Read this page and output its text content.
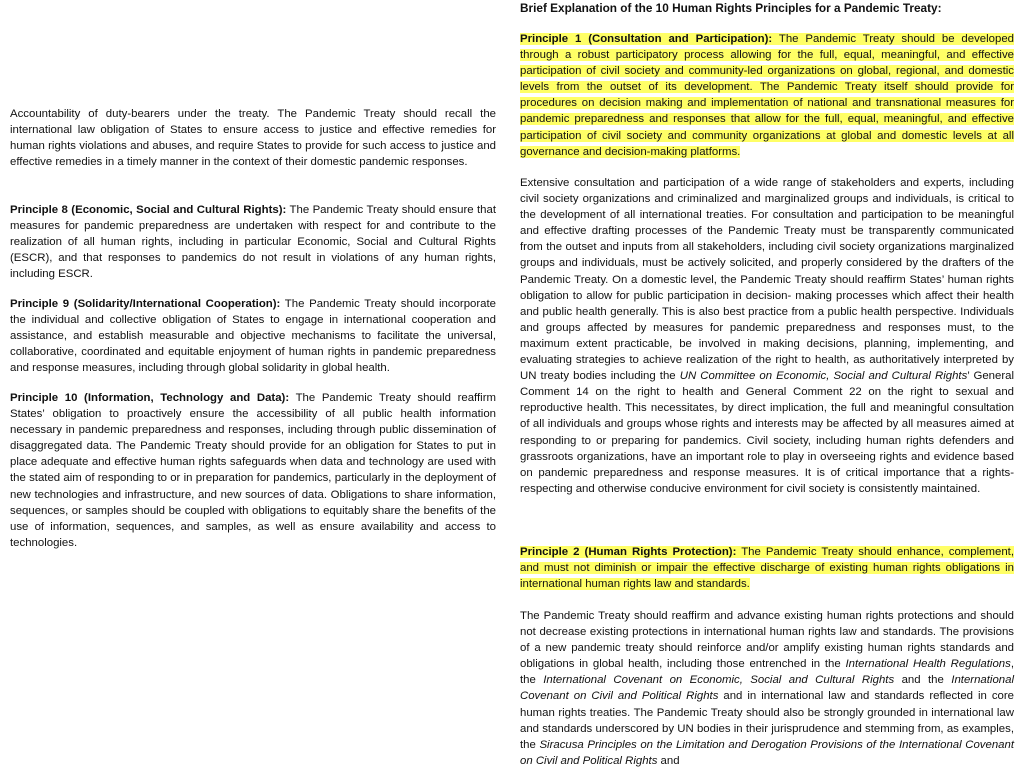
Accountability of duty-bearers under the treaty. The Pandemic Treaty should recall the international law obligation of States to ensure access to justice and effective remedies for human rights violations and abuses, and require States to provide for such access to justice and effective remedies in a timely manner in the context of their domestic pandemic responses.

Principle 8 (Economic, Social and Cultural Rights): The Pandemic Treaty should ensure that measures for pandemic preparedness are undertaken with respect for and contribute to the realization of all human rights, including in particular Economic, Social and Cultural Rights (ESCR), and that responses to pandemics do not result in violations of any human rights, including ESCR.

Principle 9 (Solidarity/International Cooperation): The Pandemic Treaty should incorporate the individual and collective obligation of States to engage in international cooperation and assistance, and establish measurable and objective mechanisms to facilitate the universal, collaborative, coordinated and equitable enjoyment of human rights in pandemic preparedness and response measures, including through global solidarity in global health.

Principle 10 (Information, Technology and Data): The Pandemic Treaty should reaffirm States’ obligation to proactively ensure the accessibility of all public health information necessary in pandemic preparedness and responses, including through public dissemination of disaggregated data. The Pandemic Treaty should provide for an obligation for States to put in place adequate and effective human rights safeguards when data and technology are used with the stated aim of responding to or in preparation for pandemics, particularly in the deployment of new technologies and infrastructure, and new sources of data. Obligations to share information, sequences, or samples should be coupled with obligations to equitably share the benefits of the use of information, sequences, and samples, as well as ensure availability and access to technologies.

Brief Explanation of the 10 Human Rights Principles for a Pandemic Treaty:

Principle 1 (Consultation and Participation): The Pandemic Treaty should be developed through a robust participatory process allowing for the full, equal, meaningful, and effective participation of civil society and community-led organizations on global, regional, and domestic levels from the outset of its development. The Pandemic Treaty itself should provide for procedures on decision making and implementation of national and transnational measures for pandemic preparedness and responses that allow for the full, equal, meaningful, and effective participation of civil society and community organizations at global and domestic levels at all governance and decision-making platforms.

Extensive consultation and participation of a wide range of stakeholders and experts, including civil society organizations and criminalized and marginalized groups and individuals, is critical to the development of all international treaties. For consultation and participation to be meaningful and effective drafting processes of the Pandemic Treaty must be transparently communicated from the outset and inputs from all stakeholders, including civil society organizations marginalized groups and individuals, must be actively solicited, and properly considered by the drafters of the Pandemic Treaty. On a domestic level, the Pandemic Treaty should reaffirm States’ human rights obligation to allow for public participation in decision- making processes which affect their health and public health generally. This is also best practice from a public health perspective. Individuals and groups affected by measures for pandemic preparedness and responses must, to the maximum extent practicable, be involved in making decisions, planning, implementing, and evaluating strategies to achieve realization of the right to health, as authoritatively interpreted by UN treaty bodies including the UN Committee on Economic, Social and Cultural Rights’ General Comment 14 on the right to health and General Comment 22 on the right to sexual and reproductive health. This necessitates, by direct implication, the full and meaningful consultation of all individuals and groups whose rights and interests may be affected by all measures aimed at responding to or preparing for pandemics. Civil society, including human rights defenders and grassroots organizations, have an important role to play in overseeing rights and evidence based on pandemic preparedness and response measures. It is of critical importance that a rights- respecting and otherwise conducive environment for civil society is consistently maintained.

Principle 2 (Human Rights Protection): The Pandemic Treaty should enhance, complement, and must not diminish or impair the effective discharge of existing human rights obligations in international human rights law and standards.

The Pandemic Treaty should reaffirm and advance existing human rights protections and should not decrease existing protections in international human rights law and standards. The provisions of a new pandemic treaty should reinforce and/or amplify existing human rights standards and obligations in global health, including those entrenched in the International Health Regulations, the International Covenant on Economic, Social and Cultural Rights and the International Covenant on Civil and Political Rights and in international law and standards reflected in core human rights treaties. The Pandemic Treaty should also be strongly grounded in international law and standards underscored by UN bodies in their jurisprudence and stemming from, as examples, the Siracusa Principles on the Limitation and Derogation Provisions of the International Covenant on Civil and Political Rights and
